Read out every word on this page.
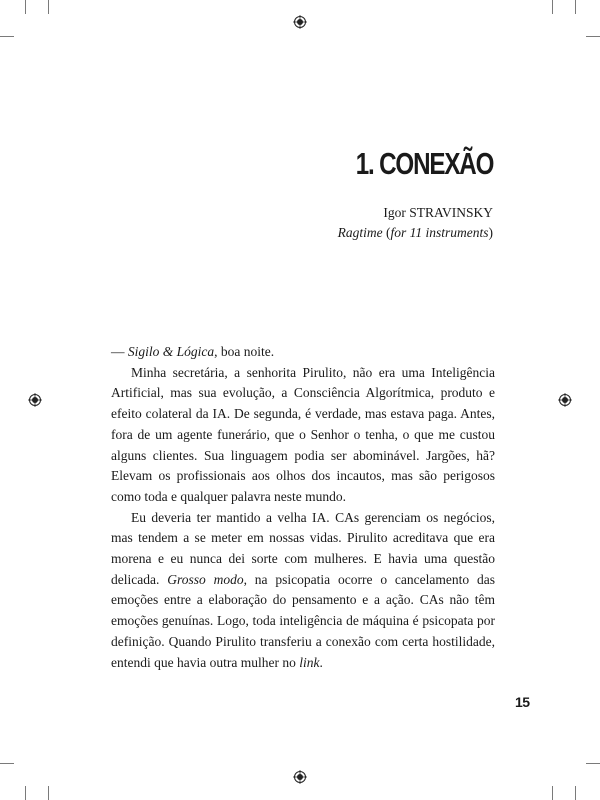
1. CONEXÃO
Igor STRAVINSKY
Ragtime (for 11 instruments)

— Sigilo & Lógica, boa noite.

Minha secretária, a senhorita Pirulito, não era uma Inteligência Artificial, mas sua evolução, a Consciência Algorítmica, produto e efeito colateral da IA. De segunda, é verdade, mas estava paga. Antes, fora de um agente funerário, que o Senhor o tenha, o que me custou alguns clientes. Sua linguagem podia ser abominável. Jargões, hã? Elevam os profissionais aos olhos dos incautos, mas são perigosos como toda e qualquer palavra neste mundo.

Eu deveria ter mantido a velha IA. CAs gerenciam os negócios, mas tendem a se meter em nossas vidas. Pirulito acreditava que era morena e eu nunca dei sorte com mulheres. E havia uma questão delicada. Grosso modo, na psicopatia ocorre o cancelamento das emoções entre a elaboração do pensamento e a ação. CAs não têm emoções genuínas. Logo, toda inteligência de máquina é psicopata por definição. Quando Pirulito transferiu a conexão com certa hostilidade, entendi que havia outra mulher no link.

15
